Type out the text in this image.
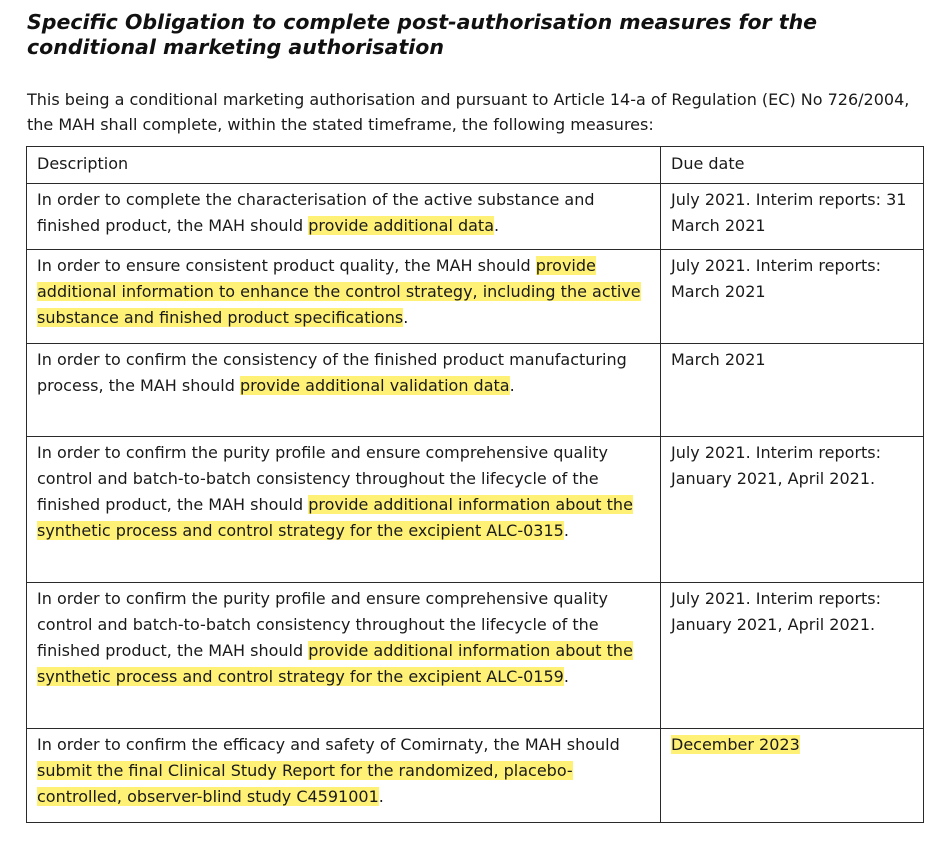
Specific Obligation to complete post-authorisation measures for the conditional marketing authorisation

This being a conditional marketing authorisation and pursuant to Article 14-a of Regulation (EC) No 726/2004, the MAH shall complete, within the stated timeframe, the following measures:

Description	Due date
In order to complete the characterisation of the active substance and finished product, the MAH should provide additional data.	July 2021. Interim reports: 31 March 2021
In order to ensure consistent product quality, the MAH should provide additional information to enhance the control strategy, including the active substance and finished product specifications.	July 2021. Interim reports: March 2021
In order to confirm the consistency of the finished product manufacturing process, the MAH should provide additional validation data.	March 2021
In order to confirm the purity profile and ensure comprehensive quality control and batch-to-batch consistency throughout the lifecycle of the finished product, the MAH should provide additional information about the synthetic process and control strategy for the excipient ALC-0315.	July 2021. Interim reports: January 2021, April 2021.
In order to confirm the purity profile and ensure comprehensive quality control and batch-to-batch consistency throughout the lifecycle of the finished product, the MAH should provide additional information about the synthetic process and control strategy for the excipient ALC-0159.	July 2021. Interim reports: January 2021, April 2021.
In order to confirm the efficacy and safety of Comirnaty, the MAH should submit the final Clinical Study Report for the randomized, placebo-controlled, observer-blind study C4591001.	December 2023
